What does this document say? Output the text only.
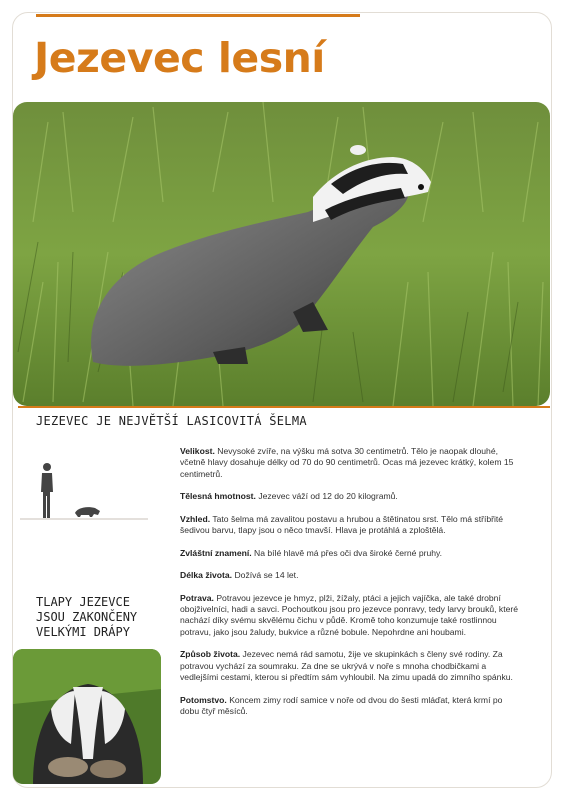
Jezevec lesní
JEZEVEC JE NEJVĚTŠÍ LASICOVITÁ ŠELMA
TLAPY JEZEVCE
JSOU ZAKONČENY
VELKÝMI DRÁPY

Velikost. Nevysoké zvíře, na výšku má sotva 30 centimetrů. Tělo je naopak dlouhé, včetně hlavy dosahuje délky od 70 do 90 centimetrů. Ocas má jezevec krátký, kolem 15 centimetrů.

Tělesná hmotnost. Jezevec váží od 12 do 20 kilogramů.

Vzhled. Tato šelma má zavalitou postavu a hrubou a štětinatou srst. Tělo má stříbřité šedivou barvu, tlapy jsou o něco tmavší. Hlava je protáhlá a zploštělá.

Zvláštní znamení. Na bílé hlavě má přes oči dva široké černé pruhy.

Délka života. Dožívá se 14 let.

Potrava. Potravou jezevce je hmyz, plži, žížaly, ptáci a jejich vajíčka, ale také drobní obojživelníci, hadi a savci. Pochoutkou jsou pro jezevce ponravy, tedy larvy brouků, které nachází díky svému skvělému čichu v půdě. Kromě toho konzumuje také rostlinnou potravu, jako jsou žaludy, bukvice a různé bobule. Nepohrdne ani houbami.

Způsob života. Jezevec nemá rád samotu, žije ve skupinkách s členy své rodiny. Za potravou vychází za soumraku. Za dne se ukrývá v noře s mnoha chodbičkami a vedlejšími cestami, kterou si předtím sám vyhloubil. Na zimu upadá do zimního spánku.

Potomstvo. Koncem zimy rodí samice v noře od dvou do šesti mláďat, která krmí po dobu čtyř měsíců.
